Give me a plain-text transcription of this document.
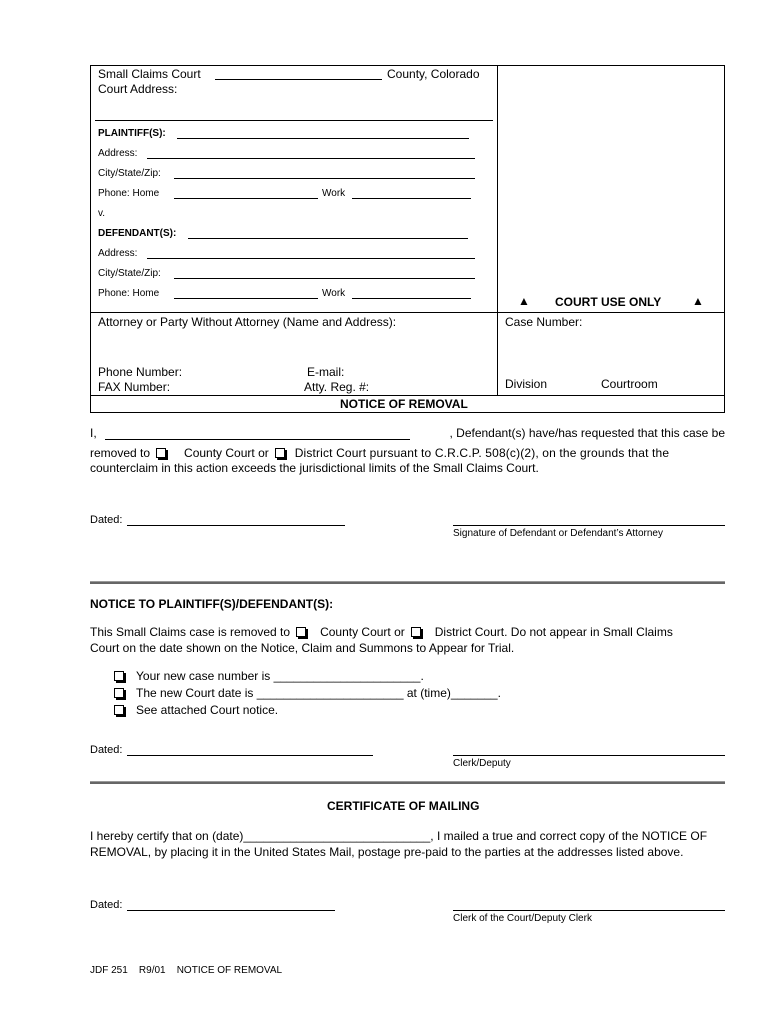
Small Claims Court	County, Colorado
Court Address:
PLAINTIFF(S):
Address:
City/State/Zip:
Phone: Home	Work
v.
DEFENDANT(S):
Address:
City/State/Zip:
Phone: Home	Work
▲ COURT USE ONLY	▲
Attorney or Party Without Attorney (Name and Address):	Case Number:
Phone Number:	E-mail:
FAX Number:	Atty. Reg. #:	Division	Courtroom
NOTICE OF REMOVAL
I,	, Defendant(s) have/has requested that this case be
removed to	County Court or District Court pursuant to C.R.C.P. 508(c)(2), on the grounds that the
counterclaim in this action exceeds the jurisdictional limits of the Small Claims Court.
Dated:
Signature of Defendant or Defendant’s Attorney
NOTICE TO PLAINTIFF(S)/DEFENDANT(S):
This Small Claims case is removed to	County Court or	District Court. Do not appear in Small Claims
Court on the date shown on the Notice, Claim and Summons to Appear for Trial.
Your new case number is ______________________.
The new Court date is ______________________ at (time)_______.
See attached Court notice.
Dated:
Clerk/Deputy
CERTIFICATE OF MAILING
I hereby certify that on (date)____________________________, I mailed a true and correct copy of the NOTICE OF
REMOVAL, by placing it in the United States Mail, postage pre-paid to the parties at the addresses listed above.
Dated:
Clerk of the Court/Deputy Clerk
JDF 251    R9/01    NOTICE OF REMOVAL
